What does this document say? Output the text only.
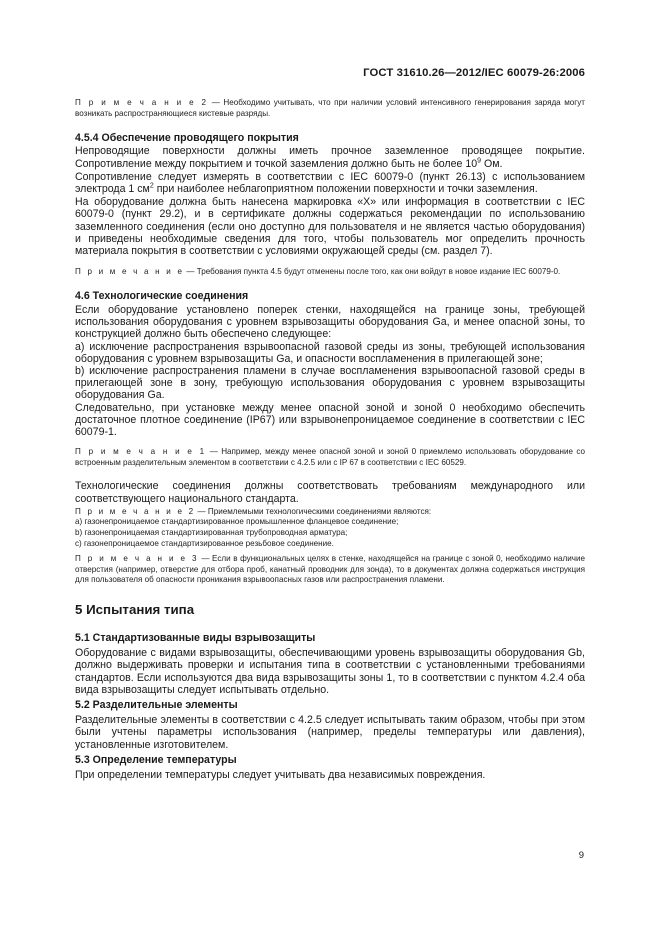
ГОСТ 31610.26—2012/IEC 60079-26:2006

П р и м е ч а н и е 2 — Необходимо учитывать, что при наличии условий интенсивного генерирования заряда могут возникать распространяющиеся кистевые разряды.

4.5.4 Обеспечение проводящего покрытия

Непроводящие поверхности должны иметь прочное заземленное проводящее покрытие. Сопротивление между покрытием и точкой заземления должно быть не более $10^9$ Ом.

Сопротивление следует измерять в соответствии с IEC 60079-0 (пункт 26.13) с использованием электрода 1 $см^2$ при наиболее неблагоприятном положении поверхности и точки заземления.

На оборудование должна быть нанесена маркировка «X» или информация в соответствии с IEC 60079-0 (пункт 29.2), и в сертификате должны содержаться рекомендации по использованию заземленного соединения (если оно доступно для пользователя и не является частью оборудования) и приведены необходимые сведения для того, чтобы пользователь мог определить прочность материала покрытия в соответствии с условиями окружающей среды (см. раздел 7).

П р и м е ч а н и е — Требования пункта 4.5 будут отменены после того, как они войдут в новое издание IEC 60079-0.

4.6 Технологические соединения

Если оборудование установлено поперек стенки, находящейся на границе зоны, требующей использования оборудования с уровнем взрывозащиты оборудования Ga, и менее опасной зоны, то конструкцией должно быть обеспечено следующее:

a) исключение распространения взрывоопасной газовой среды из зоны, требующей использования оборудования с уровнем взрывозащиты Ga, и опасности воспламенения в прилегающей зоне;

b) исключение распространения пламени в случае воспламенения взрывоопасной газовой среды в прилегающей зоне в зону, требующую использования оборудования с уровнем взрывозащиты оборудования Ga.

Следовательно, при установке между менее опасной зоной и зоной 0 необходимо обеспечить достаточное плотное соединение (IP67) или взрывонепроницаемое соединение в соответствии с IEC 60079-1.

П р и м е ч а н и е 1 — Например, между менее опасной зоной и зоной 0 приемлемо использовать оборудование со встроенным разделительным элементом в соответствии с 4.2.5 или с IP 67 в соответствии с IEC 60529.

Технологические соединения должны соответствовать требованиям международного или соответствующего национального стандарта.

П р и м е ч а н и е 2 — Приемлемыми технологическими соединениями являются:

a) газонепроницаемое стандартизированное промышленное фланцевое соединение;

b) газонепроницаемая стандартизированная трубопроводная арматура;

c) газонепроницаемое стандартизированное резьбовое соединение.

П р и м е ч а н и е 3 — Если в функциональных целях в стенке, находящейся на границе с зоной 0, необходимо наличие отверстия (например, отверстие для отбора проб, канатный проводник для зонда), то в документах должна содержаться инструкция для пользователя об опасности проникания взрывоопасных газов или распространения пламени.

5 Испытания типа

5.1 Стандартизованные виды взрывозащиты

Оборудование с видами взрывозащиты, обеспечивающими уровень взрывозащиты оборудования Gb, должно выдерживать проверки и испытания типа в соответствии с установленными требованиями стандартов. Если используются два вида взрывозащиты зоны 1, то в соответствии с пунктом 4.2.4 оба вида взрывозащиты следует испытывать отдельно.

5.2 Разделительные элементы

Разделительные элементы в соответствии с 4.2.5 следует испытывать таким образом, чтобы при этом были учтены параметры использования (например, пределы температуры или давления), установленные изготовителем.

5.3 Определение температуры

При определении температуры следует учитывать два независимых повреждения.

9
